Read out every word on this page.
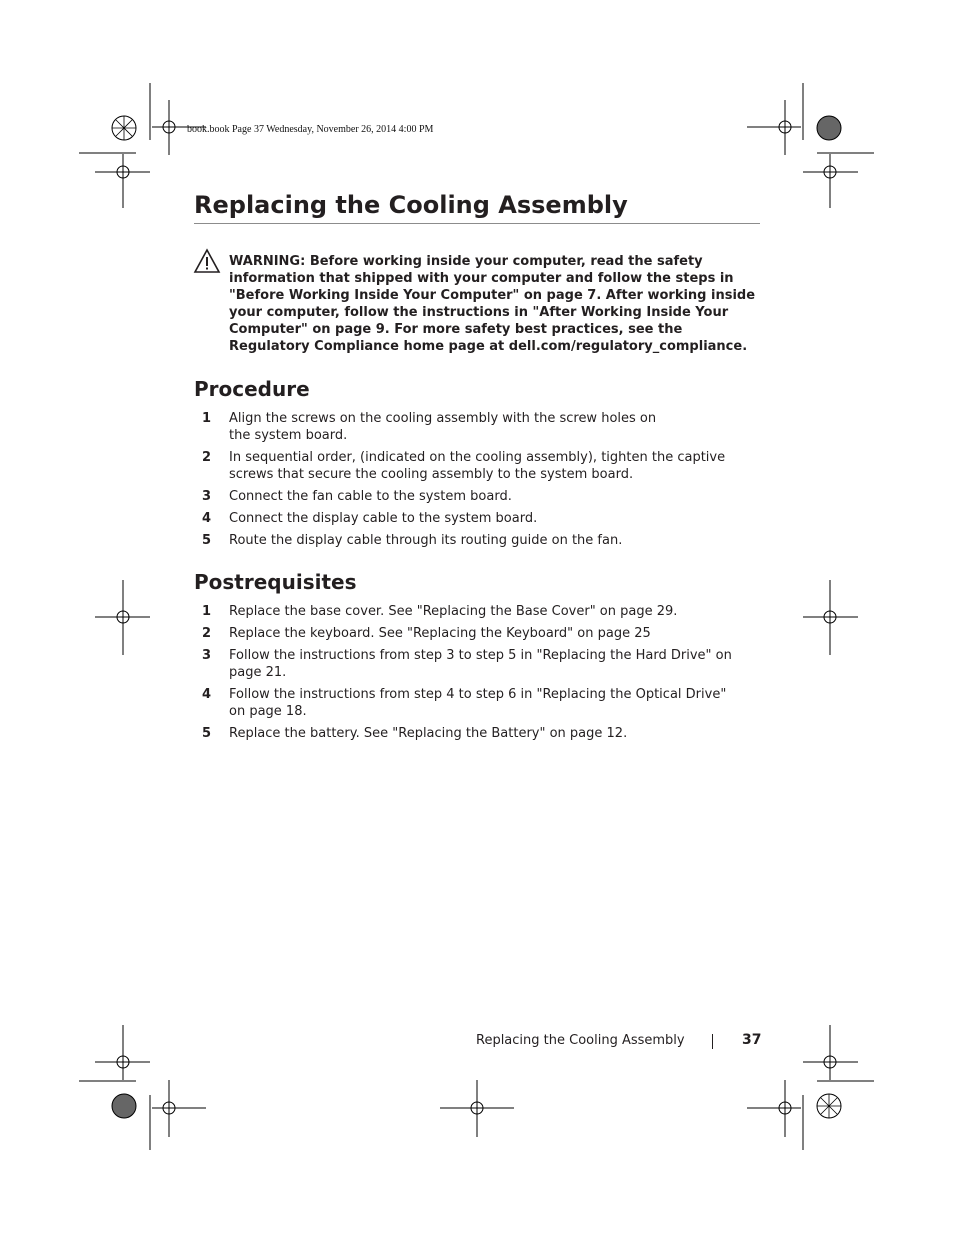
book.book Page 37 Wednesday, November 26, 2014 4:00 PM
Replacing the Cooling Assembly
WARNING: Before working inside your computer, read the safety information that shipped with your computer and follow the steps in "Before Working Inside Your Computer" on page 7. After working inside your computer, follow the instructions in "After Working Inside Your Computer" on page 9. For more safety best practices, see the Regulatory Compliance home page at dell.com/regulatory_compliance.
Procedure
1 Align the screws on the cooling assembly with the screw holes on the system board.
2 In sequential order, (indicated on the cooling assembly), tighten the captive screws that secure the cooling assembly to the system board.
3 Connect the fan cable to the system board.
4 Connect the display cable to the system board.
5 Route the display cable through its routing guide on the fan.
Postrequisites
1 Replace the base cover. See "Replacing the Base Cover" on page 29.
2 Replace the keyboard. See "Replacing the Keyboard" on page 25
3 Follow the instructions from step 3 to step 5 in "Replacing the Hard Drive" on page 21.
4 Follow the instructions from step 4 to step 6 in "Replacing the Optical Drive" on page 18.
5 Replace the battery. See "Replacing the Battery" on page 12.
Replacing the Cooling Assembly	37
